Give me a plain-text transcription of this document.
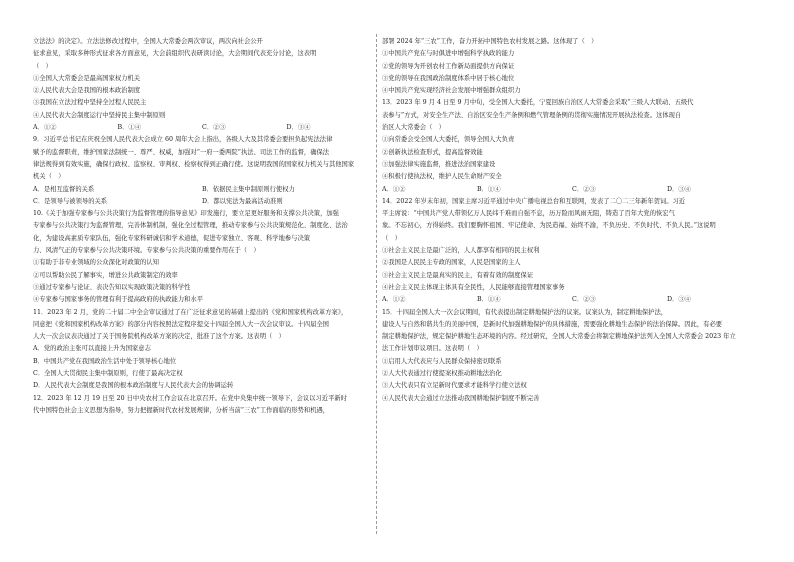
立法法》的决定》。立法法修改过程中，全国人大常委会两次审议，两次向社会公开
征求意见，采取多种形式征求各方面意见，大会前组织代表研读讨论，大会期间代表充分讨论，这表明
（　）
①全国人大常委会是最高国家权力机关
②人民代表大会是我国的根本政治制度
③我国在立法过程中坚持全过程人民民主
④人民代表大会制度运行中坚持民主集中制原则
A．①②	B．①④	C．②③	D．③④
9．习近平总书记在庆祝全国人民代表大会成立 60 周年大会上指出，各级人大及其常委会要担负起宪法法律
赋予的监督职责，维护国家法制统一、尊严、权威，加强对“一府一委两院”执法、司法工作的监督，确保法
律法规得到有效实施，确保行政权、监察权、审判权、检察权得到正确行使。这说明我国的国家权力机关与其他国家
机关（　）
A．是相互监督的关系	B．依据民主集中制原则行使权力
C．是领导与被领导的关系	D．都以宪法为最高活动准则
10.《关于加强专家参与公共决策行为监督管理的指导意见》印发施行，要立足更好服务和支撑公共决策，加强
专家参与公共决策行为监督管理，完善体制机制，强化全过程管理，推动专家参与公共决策规范化、制度化、法治
化，为建设高素质专家队伍，强化专家科研诚信和学术道德，促进专家独立、客观、科学地参与决策
力、风清气正的专家参与公共决策环境。专家参与公共决策的重要作用在于（　）
①有助于非专业领域的公众深化对政策的认知
②可以帮助公民了解事实，增进公共政策制定的效率
③通过专家参与论证、表决告知以实现政策决策的科学性
④专家参与国家事务的管理有利于提高政府的执政能力和水平
11．2023 年 2 月，党的二十届二中全会审议通过了在广泛征求意见的基础上提出的《党和国家机构改革方案》，
同意把《党和国家机构改革方案》的部分内容按照法定程序提交十四届全国人大一次会议审议。十四届全国
人大一次会议表决通过了关于国务院机构改革方案的决定，批准了这个方案。这表明（　）
A．党的政治主张可以直接上升为国家意志
B．中国共产党在我国政治生活中处于领导核心地位
C．全国人大贯彻民主集中制原则，行使了最高决定权
D．人民代表大会制度是我国的根本政治制度与人民代表大会的协调运转
12．2023 年 12 月 19 日至 20 日中央农村工作会议在北京召开。在党中央集中统一领导下，会议以习近平新时
代中国特色社会主义思想为指导，努力把握新时代农村发展规律，分析当前“三农”工作面临的形势和机遇，
部署 2024 年“三农”工作，奋力开拓中国特色农村发展之路。这体现了（　）
①中国共产党在与时俱进中增强科学执政的能力
②党的领导为开创农村工作新局面提供方向保证
③党的领导在我国政治制度体系中居于核心地位
④中国共产党实现经济社会发展中增强群众组织力
13．2023 年 9 月 4 日至 9 月中旬，受全国人大委托，宁夏回族自治区人大常委会采取“三级人大联动、五级代
表参与”方式，对安全生产法、自治区安全生产条例和燃气管理条例的贯彻实施情况开展执法检查。这体现自
治区人大常委会（　）
①向常委会受全国人大委托，领导全国人大负责
②创新执法检查形式，提高监督效能
③加强法律实施监督，推进法治国家建设
④积极行使执法权，维护人民生命财产安全
A．①②	B．①④	C．②③	D．③④
14．2022 年岁末年初，国家主席习近平通过中央广播电视总台和互联网，发表了二〇二三年新年贺词。习近
平主席说：“中国共产党人带领亿万人民纬千难而自强不息，历万险而风雨无阻，铸造了百年大党的恢宏气
象。不忘初心，方得始终。我们要胸怀祖国、牢记使命、为民造福、始终不渝，不负历史、不负时代、不负人民。”这说明
（　）
①社会主义民主是最广泛的，人人都享有相同的民主权利
②我国是人民民主专政的国家，人民是国家的主人
③社会主义民主是最真实的民主，有着有效的制度保证
④社会主义民主体现主体具有全民性，人民能够直接管理国家事务
A．①②	B．①④	C．②③	D．③④
15．十四届全国人大一次会议期间，有代表提出制定耕地保护法的议案。议案认为，制定耕地保护法，
建设人与自然和谐共生的美丽中国，是新时代加强耕地保护的具体措施，需要强化耕地生态保护的法治保障。因此，有必要
制定耕地保护法，规定保护耕地生态环境的内容。经过研究，全国人大常委会将制定耕地保护法列入全国人大常委会 2023 年立
法工作计划审议项目。这表明（　）
①启用人大代表应与人民群众保持密切联系
②人大代表通过行使提案权推动耕地法治化
③人大代表只有立足新时代要求才能科学行使立法权
④人民代表大会通过立法推动我国耕地保护制度不断完善
